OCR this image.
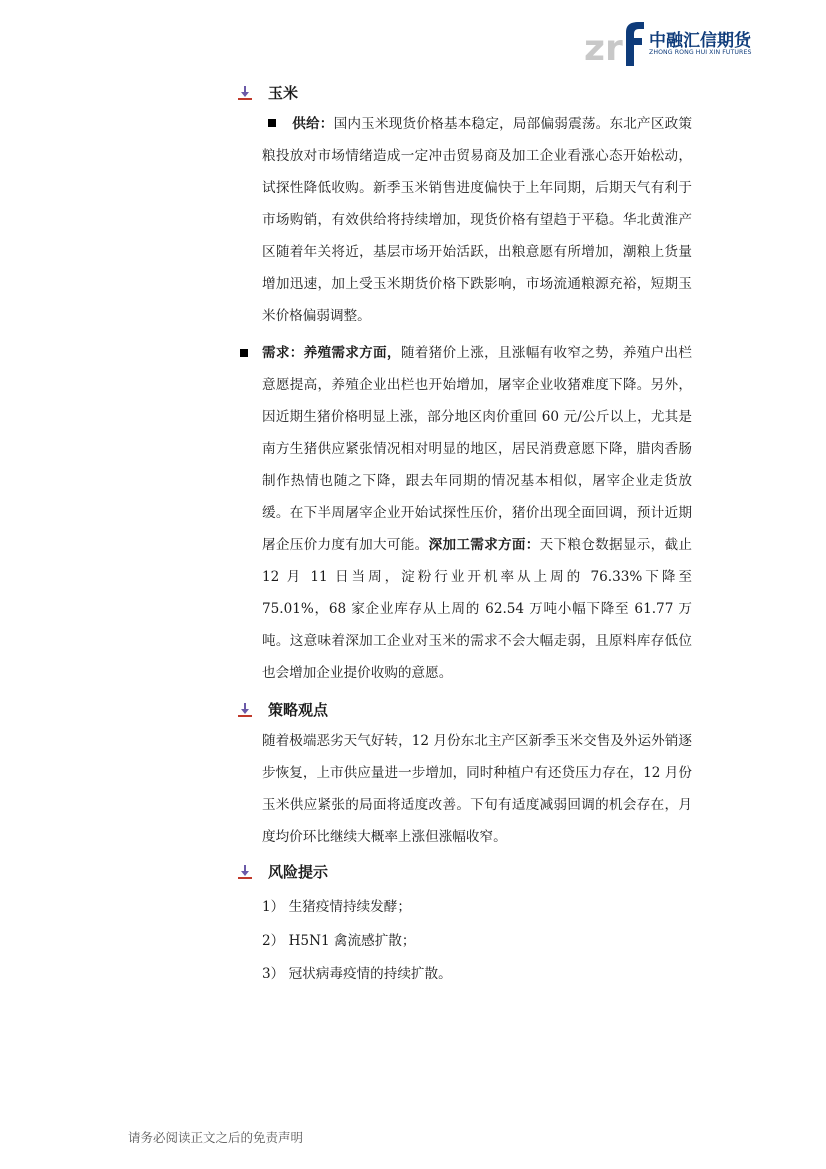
zr 中融汇信期货
ZHONG RONG HUI XIN FUTURES
玉米
供给：国内玉米现货价格基本稳定，局部偏弱震荡。东北产区政策粮投放对市场情绪造成一定冲击贸易商及加工企业看涨心态开始松动，试探性降低收购。新季玉米销售进度偏快于上年同期，后期天气有利于市场购销，有效供给将持续增加，现货价格有望趋于平稳。华北黄淮产区随着年关将近，基层市场开始活跃，出粮意愿有所增加，潮粮上货量增加迅速，加上受玉米期货价格下跌影响，市场流通粮源充裕，短期玉米价格偏弱调整。
需求：养殖需求方面，随着猪价上涨，且涨幅有收窄之势，养殖户出栏意愿提高，养殖企业出栏也开始增加，屠宰企业收猪难度下降。另外，因近期生猪价格明显上涨，部分地区肉价重回 60 元/公斤以上，尤其是南方生猪供应紧张情况相对明显的地区，居民消费意愿下降，腊肉香肠制作热情也随之下降，跟去年同期的情况基本相似，屠宰企业走货放缓。在下半周屠宰企业开始试探性压价，猪价出现全面回调，预计近期屠企压价力度有加大可能。深加工需求方面：天下粮仓数据显示，截止 12 月 11 日当周，淀粉行业开机率从上周的 76.33%下降至 75.01%，68 家企业库存从上周的 62.54 万吨小幅下降至 61.77 万吨。这意味着深加工企业对玉米的需求不会大幅走弱，且原料库存低位也会增加企业提价收购的意愿。
策略观点
随着极端恶劣天气好转，12 月份东北主产区新季玉米交售及外运外销逐步恢复，上市供应量进一步增加，同时种植户有还贷压力存在，12 月份玉米供应紧张的局面将适度改善。下旬有适度减弱回调的机会存在，月度均价环比继续大概率上涨但涨幅收窄。
风险提示
1） 生猪疫情持续发酵；
2） H5N1 禽流感扩散；
3） 冠状病毒疫情的持续扩散。
请务必阅读正文之后的免责声明
